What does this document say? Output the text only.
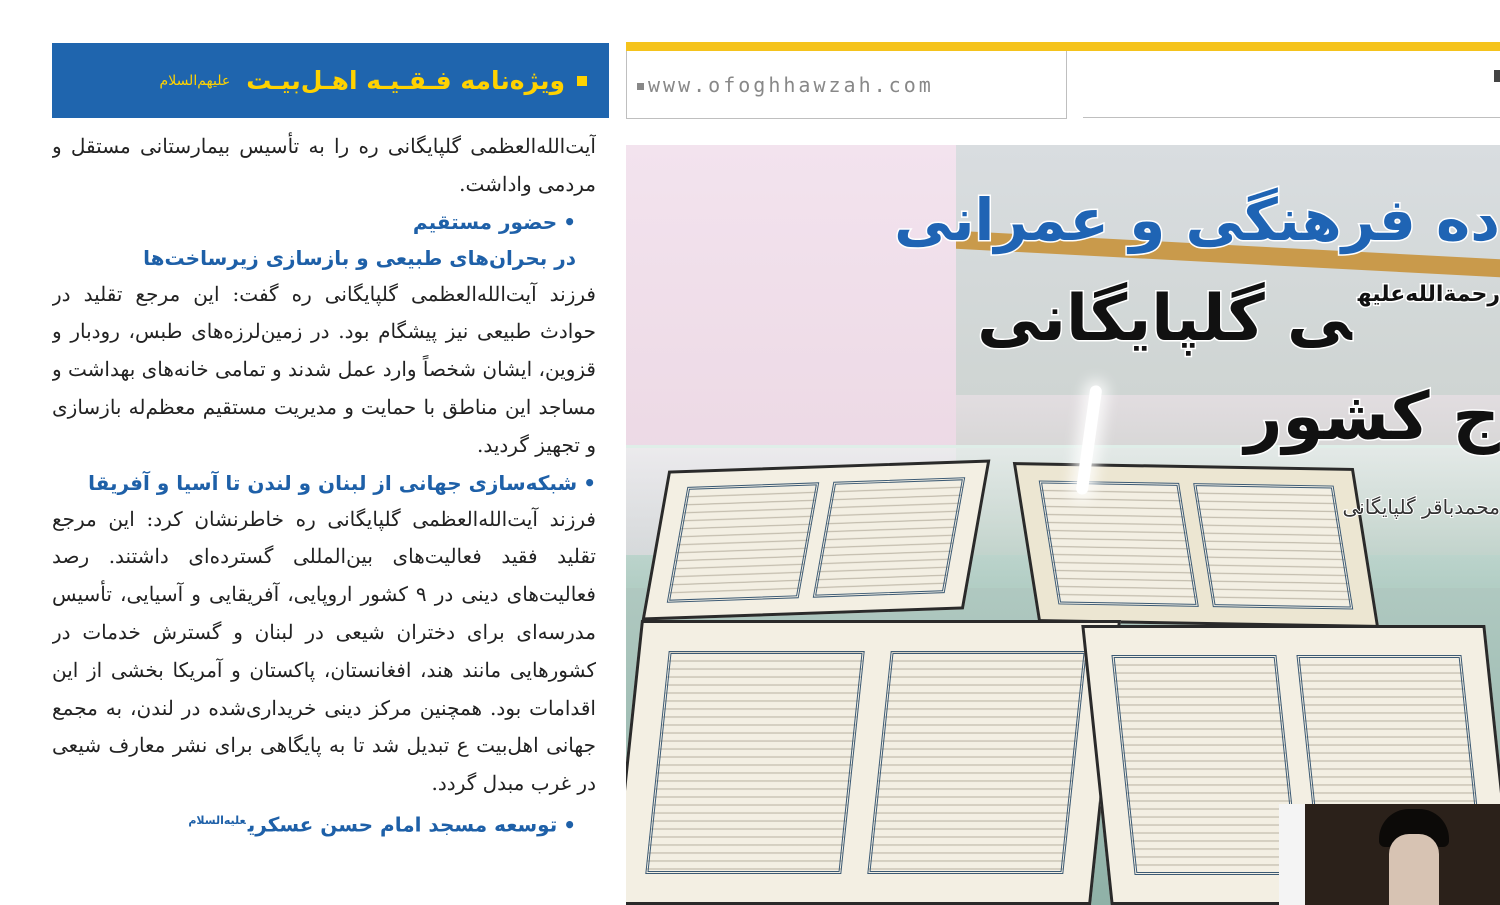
ویژه‌نامه فـقـیـه اهـل‌بیـت
علیهم‌السلام

آیت‌الله‌العظمی گلپایگانی ره را به تأسیس بیمارستانی مستقل و مردمی واداشت.

•حضور مستقیم

در بحران‌های طبیعی و بازسازی زیرساخت‌ها

فرزند آیت‌الله‌العظمی گلپایگانی ره گفت: این مرجع تقلید در حوادث طبیعی نیز پیشگام بود. در زمین‌لرزه‌های طبس، رودبار و قزوین، ایشان شخصاً وارد عمل شدند و تمامی خانه‌های بهداشت و مساجد این مناطق با حمایت و مدیریت مستقیم معظم‌له بازسازی و تجهیز گردید.

•شبکه‌سازی جهانی از لبنان و لندن تا آسیا و آفریقا

فرزند آیت‌الله‌العظمی گلپایگانی ره خاطرنشان کرد: این مرجع تقلید فقید فعالیت‌های بین‌المللی گسترده‌ای داشتند. رصد فعالیت‌های دینی در ۹ کشور اروپایی، آفریقایی و آسیایی، تأسیس مدرسه‌ای برای دختران شیعی در لبنان و گسترش خدمات در کشورهایی مانند هند، افغانستان، پاکستان و آمریکا بخشی از این اقدامات بود. همچنین مرکز دینی خریداری‌شده در لندن، به مجمع جهانی اهل‌بیت ع تبدیل شد تا به پایگاهی برای نشر معارف شیعی در غرب مبدل گردد.

•توسعه مسجد امام حسن عسکری$^{علیه‌السلام}$

www.ofoghhawzah.com
ده فرهنگی و عمرانی
$^{رحمة‌الله‌علیه}$ی گلپایگانی
ج کشور
محمدباقر گلپایگانی
